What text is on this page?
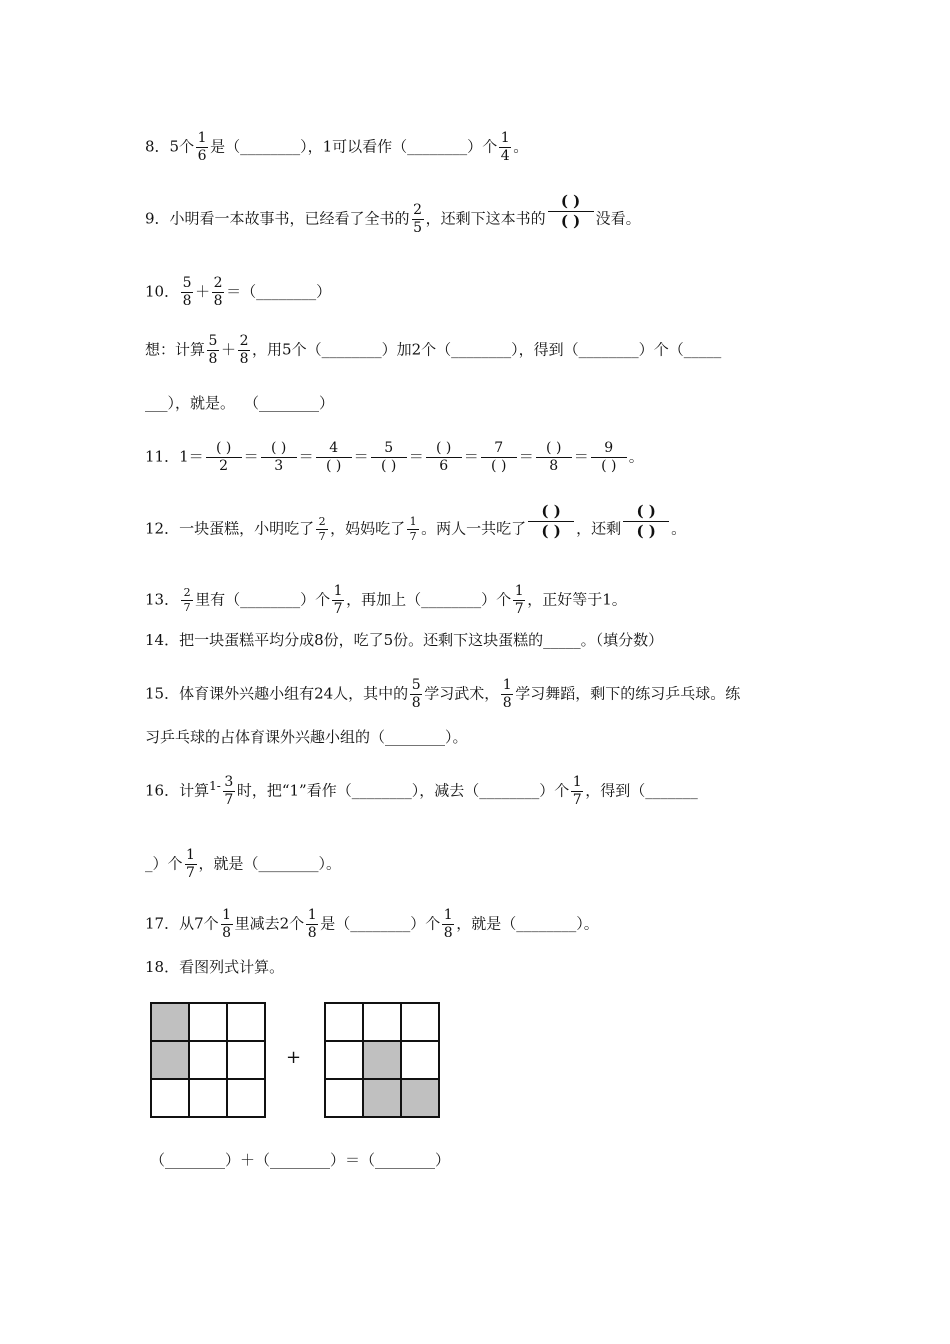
8．5个 $\frac{1}{6}$ 是（________），1可以看作（________）个 $\frac{1}{4}$ 。
9．小明看一本故事书，已经看了全书的 $\frac{2}{5}$ ，还剩下这本书的 $\frac{( )}{( )}$ 没看。
10． $\frac{5}{8} + \frac{2}{8}$ ＝（________）
想：计算 $\frac{5}{8} + \frac{2}{8}$ ，用5个（________）加2个（________），得到（________）个（_____
___），就是。 （________）
11．$1= \frac{( )}{2} = \frac{( )}{3} = \frac{4}{( )} = \frac{5}{( )} = \frac{( )}{6} = \frac{7}{( )} = \frac{( )}{8} = \frac{9}{( )}$ 。
12．一块蛋糕，小明吃了 $\frac{2}{7}$ ，妈妈吃了 $\frac{1}{7}$ 。两人一共吃了 $\frac{( )}{( )}$ ，还剩 $\frac{( )}{( )}$ 。
13． $\frac{2}{7}$ 里有（________）个 $\frac{1}{7}$ ，再加上（________）个 $\frac{1}{7}$ ，正好等于1。
14．把一块蛋糕平均分成8份，吃了5份。还剩下这块蛋糕的_____。（填分数）
15．体育课外兴趣小组有24人，其中的 $\frac{5}{8}$ 学习武术， $\frac{1}{8}$ 学习舞蹈，剩下的练习乒乓球。练
习乒乓球的占体育课外兴趣小组的（________）。
16．计算$^{1-} \frac{3}{7}$ 时，把“1”看作（________），减去（________）个 $\frac{1}{7}$ ，得到（_______
_）个 $\frac{1}{7}$ ，就是（________）。
17．从7个 $\frac{1}{8}$ 里减去2个 $\frac{1}{8}$ 是（________）个 $\frac{1}{8}$ ，就是（________）。
18．看图列式计算。
+
（________）＋（________）＝（________）
